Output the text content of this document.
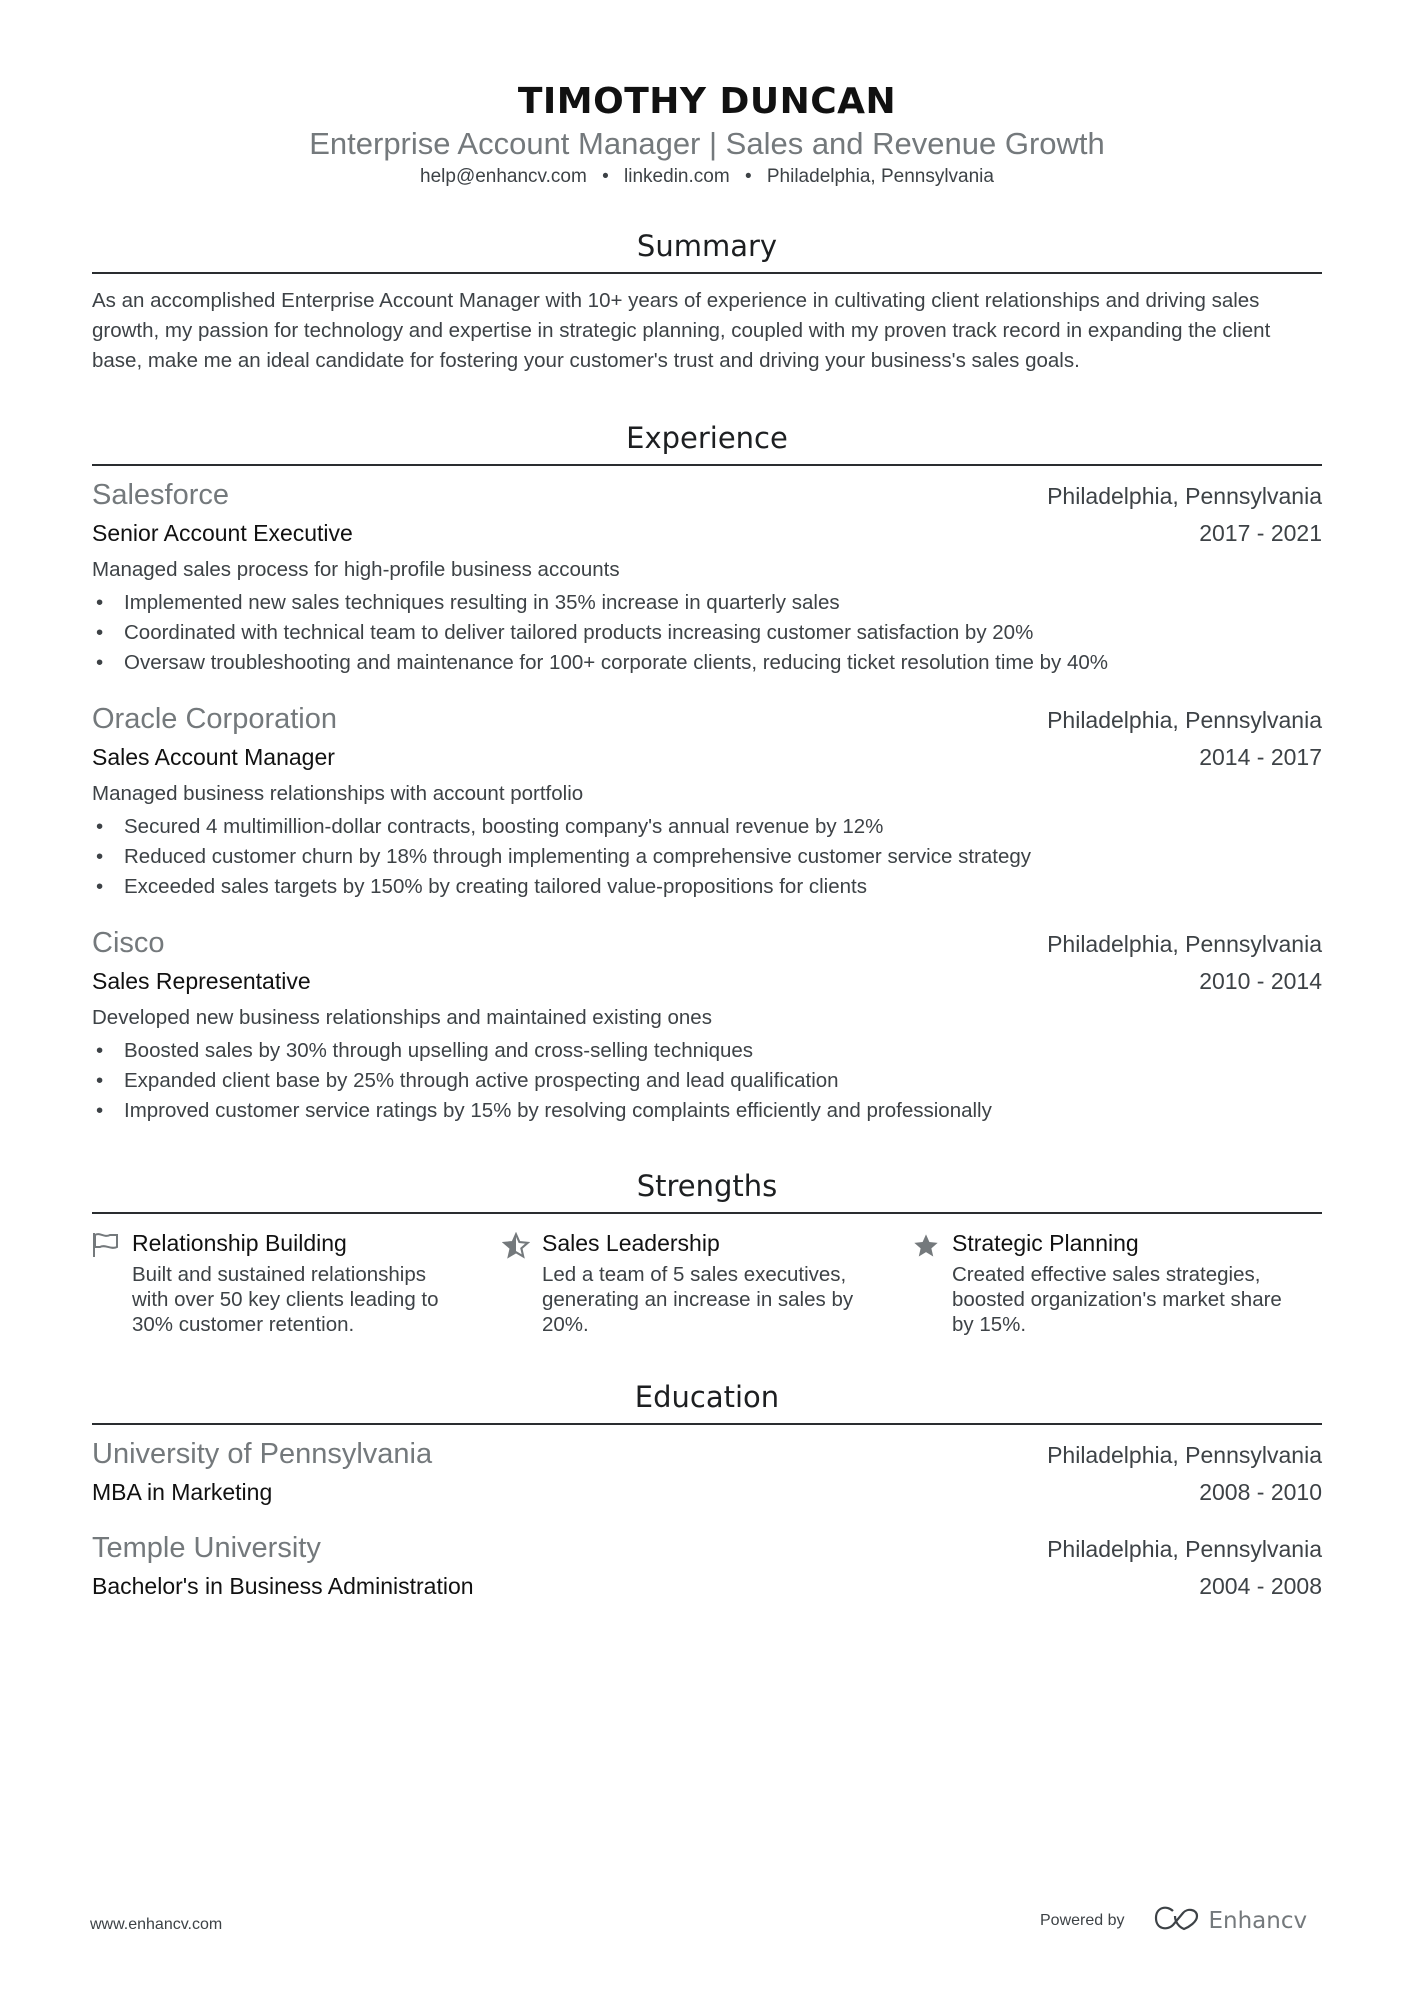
TIMOTHY DUNCAN
Enterprise Account Manager | Sales and Revenue Growth
help@enhancv.com • linkedin.com • Philadelphia, Pennsylvania
Summary
As an accomplished Enterprise Account Manager with 10+ years of experience in cultivating client relationships and driving sales growth, my passion for technology and expertise in strategic planning, coupled with my proven track record in expanding the client base, make me an ideal candidate for fostering your customer's trust and driving your business's sales goals.
Experience
Salesforce	Philadelphia, Pennsylvania
Senior Account Executive	2017 - 2021
Managed sales process for high-profile business accounts
• Implemented new sales techniques resulting in 35% increase in quarterly sales
• Coordinated with technical team to deliver tailored products increasing customer satisfaction by 20%
• Oversaw troubleshooting and maintenance for 100+ corporate clients, reducing ticket resolution time by 40%
Oracle Corporation	Philadelphia, Pennsylvania
Sales Account Manager	2014 - 2017
Managed business relationships with account portfolio
• Secured 4 multimillion-dollar contracts, boosting company's annual revenue by 12%
• Reduced customer churn by 18% through implementing a comprehensive customer service strategy
• Exceeded sales targets by 150% by creating tailored value-propositions for clients
Cisco	Philadelphia, Pennsylvania
Sales Representative	2010 - 2014
Developed new business relationships and maintained existing ones
• Boosted sales by 30% through upselling and cross-selling techniques
• Expanded client base by 25% through active prospecting and lead qualification
• Improved customer service ratings by 15% by resolving complaints efficiently and professionally
Strengths
Relationship Building
Built and sustained relationships with over 50 key clients leading to 30% customer retention.
Sales Leadership
Led a team of 5 sales executives, generating an increase in sales by 20%.
Strategic Planning
Created effective sales strategies, boosted organization's market share by 15%.
Education
University of Pennsylvania	Philadelphia, Pennsylvania
MBA in Marketing	2008 - 2010
Temple University	Philadelphia, Pennsylvania
Bachelor's in Business Administration	2004 - 2008
www.enhancv.com	Powered by	Enhancv
